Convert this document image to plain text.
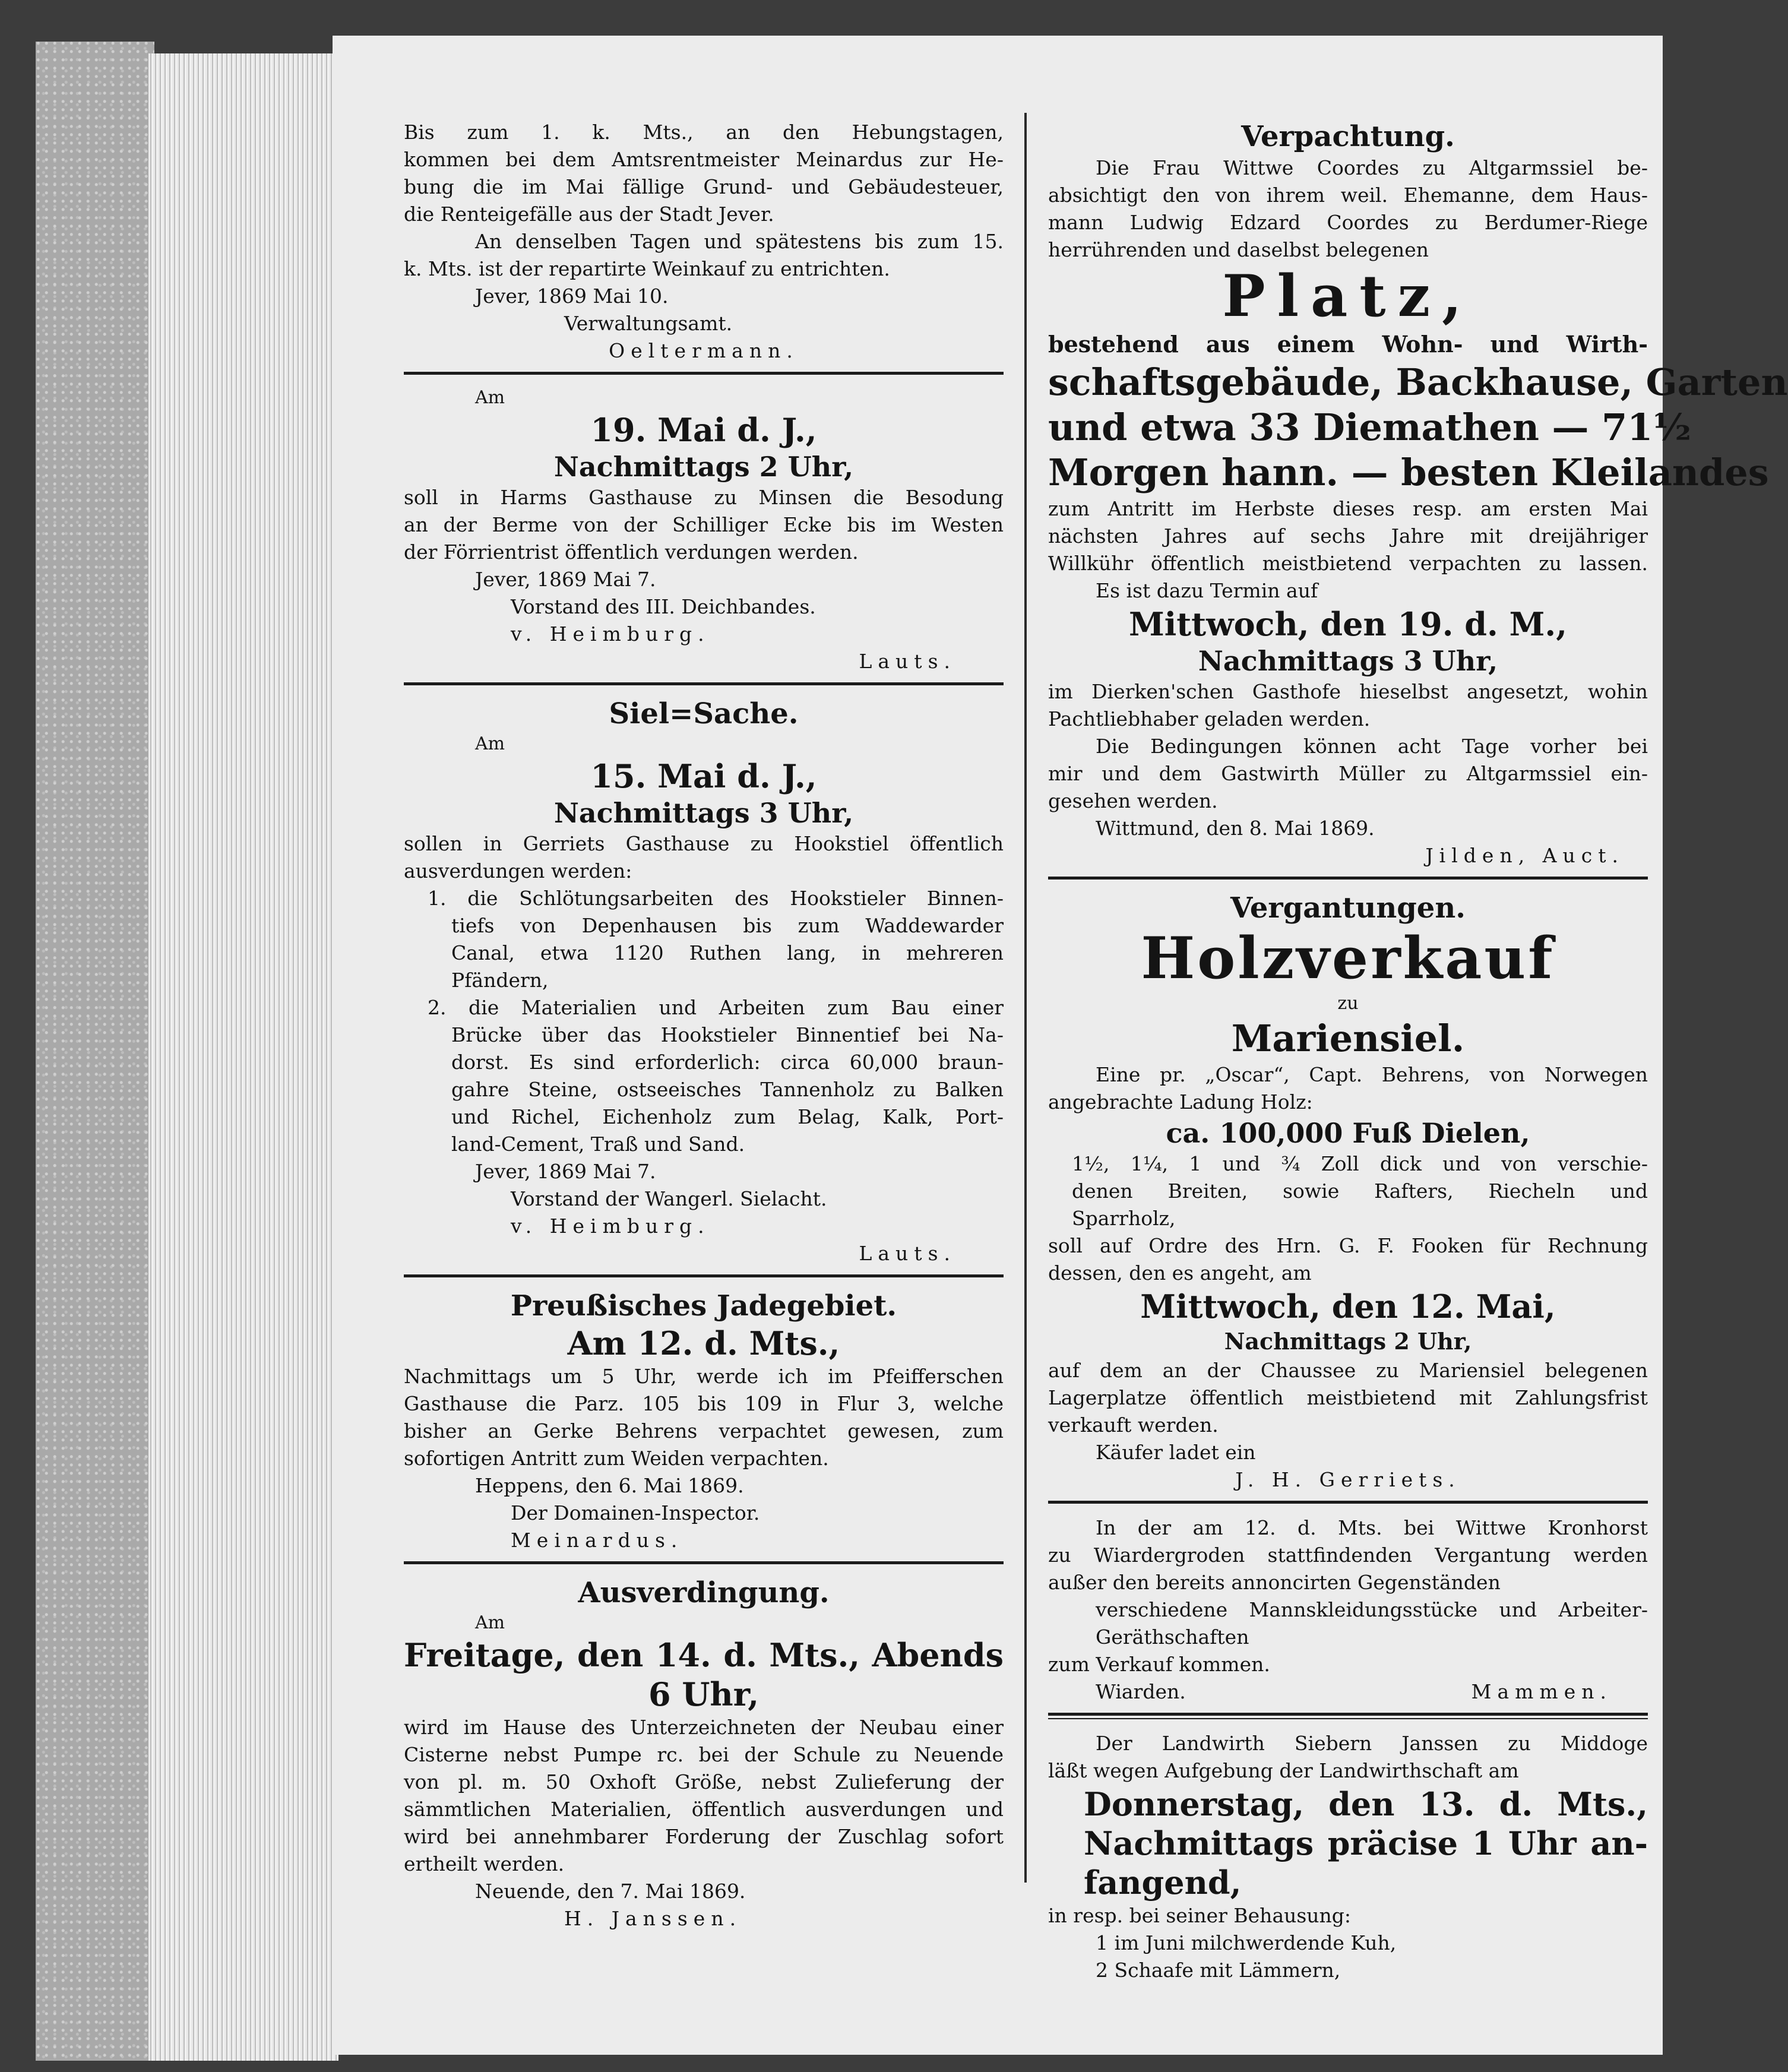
Bis zum 1. k. Mts., an den Hebungstagen,
kommen bei dem Amtsrentmeister Meinardus zur He-
bung die im Mai fällige Grund- und Gebäudesteuer,
die Renteigefälle aus der Stadt Jever.
An denselben Tagen und spätestens bis zum 15.
k. Mts. ist der repartirte Weinkauf zu entrichten.
Jever, 1869 Mai 10.
Verwaltungsamt.
Oeltermann.
Am
19. Mai d. J.,
Nachmittags 2 Uhr,
soll in Harms Gasthause zu Minsen die Besodung
an der Berme von der Schilliger Ecke bis im Westen
der Förrientrist öffentlich verdungen werden.
Jever, 1869 Mai 7.
Vorstand des III. Deichbandes.
v. Heimburg.
Lauts.
Siel=Sache.
Am
15. Mai d. J.,
Nachmittags 3 Uhr,
sollen in Gerriets Gasthause zu Hookstiel öffentlich
ausverdungen werden:
1. die Schlötungsarbeiten des Hookstieler Binnen-
tiefs von Depenhausen bis zum Waddewarder
Canal, etwa 1120 Ruthen lang, in mehreren
Pfändern,
2. die Materialien und Arbeiten zum Bau einer
Brücke über das Hookstieler Binnentief bei Na-
dorst. Es sind erforderlich: circa 60,000 braun-
gahre Steine, ostseeisches Tannenholz zu Balken
und Richel, Eichenholz zum Belag, Kalk, Port-
land-Cement, Traß und Sand.
Jever, 1869 Mai 7.
Vorstand der Wangerl. Sielacht.
v. Heimburg.
Lauts.
Preußisches Jadegebiet.
Am 12. d. Mts.,
Nachmittags um 5 Uhr, werde ich im Pfeifferschen
Gasthause die Parz. 105 bis 109 in Flur 3, welche
bisher an Gerke Behrens verpachtet gewesen, zum
sofortigen Antritt zum Weiden verpachten.
Heppens, den 6. Mai 1869.
Der Domainen-Inspector.
Meinardus.
Ausverdingung.
Am
Freitage, den 14. d. Mts., Abends
6 Uhr,
wird im Hause des Unterzeichneten der Neubau einer
Cisterne nebst Pumpe rc. bei der Schule zu Neuende
von pl. m. 50 Oxhoft Größe, nebst Zulieferung der
sämmtlichen Materialien, öffentlich ausverdungen und
wird bei annehmbarer Forderung der Zuschlag sofort
ertheilt werden.
Neuende, den 7. Mai 1869.
H. Janssen.
Verpachtung.
Die Frau Wittwe Coordes zu Altgarmssiel be-
absichtigt den von ihrem weil. Ehemanne, dem Haus-
mann Ludwig Edzard Coordes zu Berdumer-Riege
herrührenden und daselbst belegenen
Platz,
bestehend aus einem Wohn- und Wirth-
schaftsgebäude, Backhause, Garten
und etwa 33 Diemathen — 71½
Morgen hann. — besten Kleilandes
zum Antritt im Herbste dieses resp. am ersten Mai
nächsten Jahres auf sechs Jahre mit dreijähriger
Willkühr öffentlich meistbietend verpachten zu lassen.
Es ist dazu Termin auf
Mittwoch, den 19. d. M.,
Nachmittags 3 Uhr,
im Dierken'schen Gasthofe hieselbst angesetzt, wohin
Pachtliebhaber geladen werden.
Die Bedingungen können acht Tage vorher bei
mir und dem Gastwirth Müller zu Altgarmssiel ein-
gesehen werden.
Wittmund, den 8. Mai 1869.
Jilden, Auct.
Vergantungen.
Holzverkauf
zu
Mariensiel.
Eine pr. „Oscar“, Capt. Behrens, von Norwegen
angebrachte Ladung Holz:
ca. 100,000 Fuß Dielen,
1½, 1¼, 1 und ¾ Zoll dick und von verschie-
denen Breiten, sowie Rafters, Riecheln und
Sparrholz,
soll auf Ordre des Hrn. G. F. Fooken für Rechnung
dessen, den es angeht, am
Mittwoch, den 12. Mai,
Nachmittags 2 Uhr,
auf dem an der Chaussee zu Mariensiel belegenen
Lagerplatze öffentlich meistbietend mit Zahlungsfrist
verkauft werden.
Käufer ladet ein
J. H. Gerriets.
In der am 12. d. Mts. bei Wittwe Kronhorst
zu Wiardergroden stattfindenden Vergantung werden
außer den bereits annoncirten Gegenständen
verschiedene Mannskleidungsstücke und Arbeiter-
Geräthschaften
zum Verkauf kommen.
Wiarden.	Mammen.
Der Landwirth Siebern Janssen zu Middoge
läßt wegen Aufgebung der Landwirthschaft am
Donnerstag, den 13. d. Mts.,
Nachmittags präcise 1 Uhr an-
fangend,
in resp. bei seiner Behausung:
1 im Juni milchwerdende Kuh,
2 Schaafe mit Lämmern,
